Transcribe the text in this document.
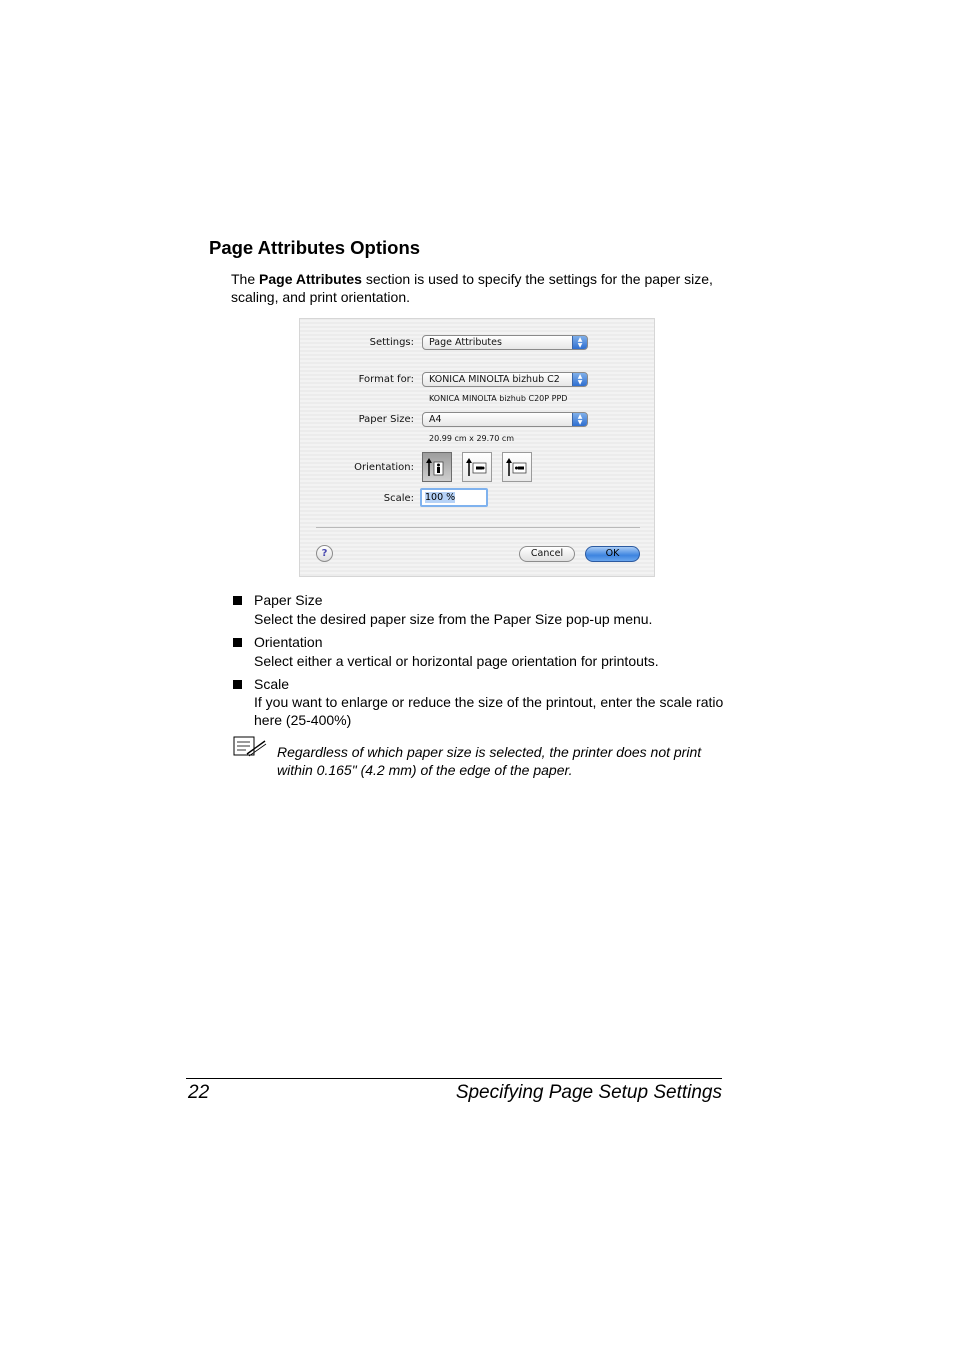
Page Attributes Options
The Page Attributes section is used to specify the settings for the paper size, scaling, and print orientation.
Settings:	Page Attributes	▲
▼
Format for:	KONICA MINOLTA bizhub C2	▲
▼
KONICA MINOLTA bizhub C20P PPD
Paper Size:	A4	▲
▼
20.99 cm x 29.70 cm
Orientation:
Scale:	100 %
?	Cancel	OK
Paper Size
Select the desired paper size from the Paper Size pop-up menu.
Orientation
Select either a vertical or horizontal page orientation for printouts.
Scale
If you want to enlarge or reduce the size of the printout, enter the scale ratio here (25-400%)
Regardless of which paper size is selected, the printer does not print within 0.165" (4.2 mm) of the edge of the paper.
22	Specifying Page Setup Settings
